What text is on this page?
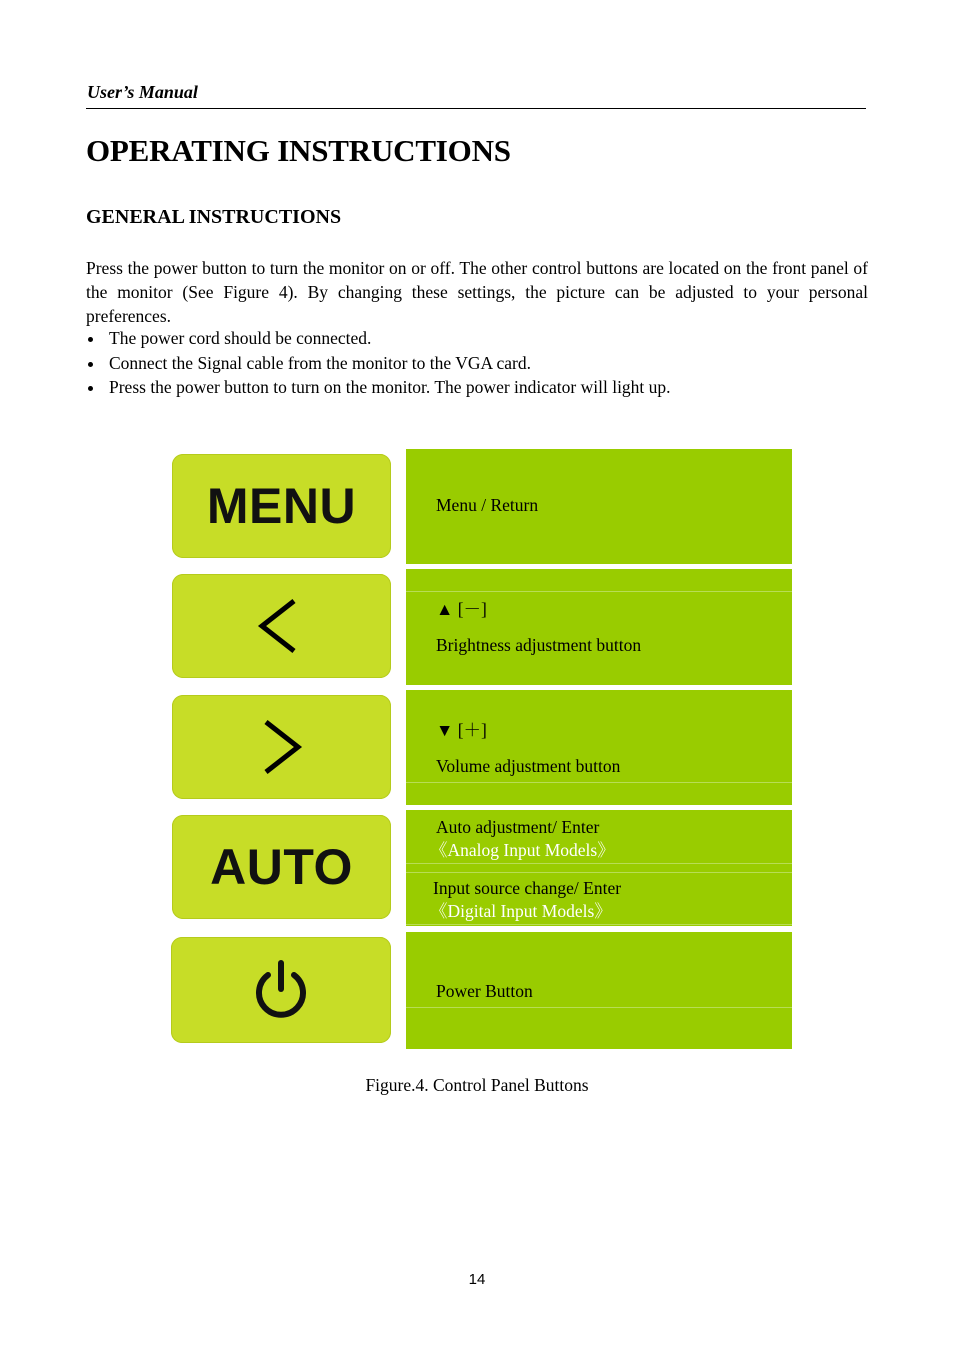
User’s Manual
OPERATING INSTRUCTIONS
GENERAL INSTRUCTIONS

Press the power button to turn the monitor on or off. The other control buttons are located on the front panel of the monitor (See Figure 4). By changing these settings, the picture can be adjusted to your personal preferences.

The power cord should be connected.
Connect the Signal cable from the monitor to the VGA card.
Press the power button to turn on the monitor. The power indicator will light up.
MENU	Menu / Return
▲ [－]
Brightness adjustment button
▼ [＋]
Volume adjustment button
AUTO
Auto adjustment/ Enter
《Analog Input Models》
Input source change/ Enter
《Digital Input Models》
Power Button
Figure.4. Control Panel Buttons
14
